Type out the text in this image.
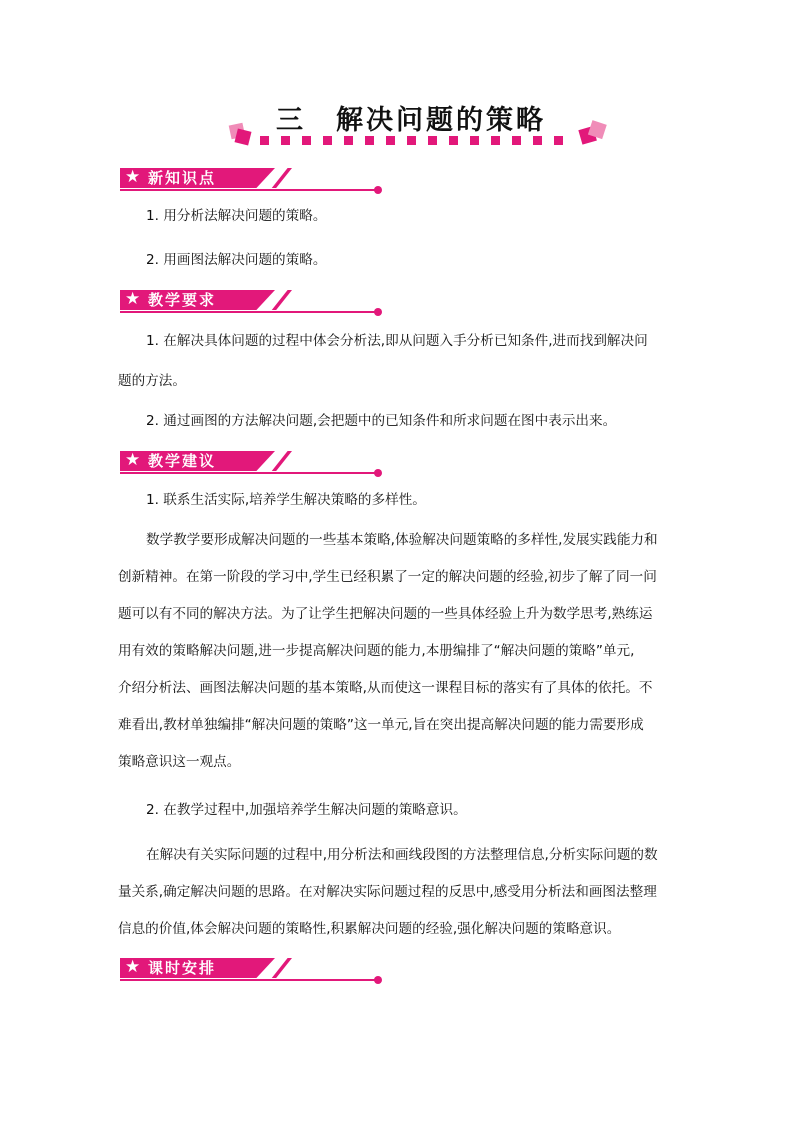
三 解决问题的策略
★ 新知识点
1. 用分析法解决问题的策略。
2. 用画图法解决问题的策略。
★ 教学要求
1. 在解决具体问题的过程中体会分析法,即从问题入手分析已知条件,进而找到解决问
题的方法。
2. 通过画图的方法解决问题,会把题中的已知条件和所求问题在图中表示出来。
★ 教学建议
1. 联系生活实际,培养学生解决策略的多样性。
数学教学要形成解决问题的一些基本策略,体验解决问题策略的多样性,发展实践能力和
创新精神。在第一阶段的学习中,学生已经积累了一定的解决问题的经验,初步了解了同一问
题可以有不同的解决方法。为了让学生把解决问题的一些具体经验上升为数学思考,熟练运
用有效的策略解决问题,进一步提高解决问题的能力,本册编排了“解决问题的策略”单元,
介绍分析法、画图法解决问题的基本策略,从而使这一课程目标的落实有了具体的依托。不
难看出,教材单独编排“解决问题的策略”这一单元,旨在突出提高解决问题的能力需要形成
策略意识这一观点。
2. 在教学过程中,加强培养学生解决问题的策略意识。
在解决有关实际问题的过程中,用分析法和画线段图的方法整理信息,分析实际问题的数
量关系,确定解决问题的思路。在对解决实际问题过程的反思中,感受用分析法和画图法整理
信息的价值,体会解决问题的策略性,积累解决问题的经验,强化解决问题的策略意识。
★ 课时安排
